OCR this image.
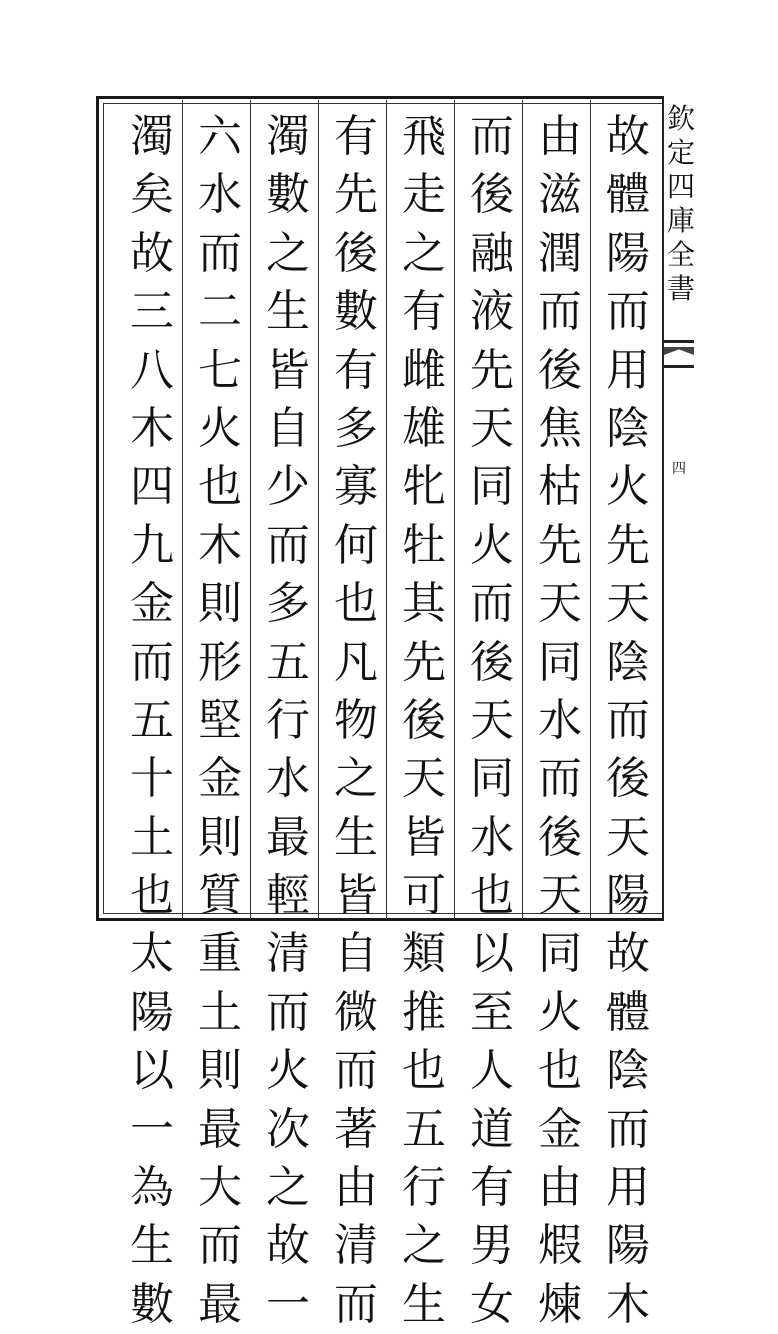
欽
定
四
庫
全
書
四
故
體
陽
而
用
陰
火
先
天
陰
而
後
天
陽
故
體
陰
而
用
陽
木
由
滋
潤
而
後
焦
枯
先
天
同
水
而
後
天
同
火
也
金
由
煆
煉
而
後
融
液
先
天
同
火
而
後
天
同
水
也
以
至
人
道
有
男
女
飛
走
之
有
雌
雄
牝
牡
其
先
後
天
皆
可
類
推
也
五
行
之
生
有
先
後
數
有
多
寡
何
也
凡
物
之
生
皆
自
微
而
著
由
清
而
濁
數
之
生
皆
自
少
而
多
五
行
水
最
輕
清
而
火
次
之
故
一
六
水
而
二
七
火
也
木
則
形
堅
金
則
質
重
土
則
最
大
而
最
濁
矣
故
三
八
木
四
九
金
而
五
十
土
也
太
陽
以
一
為
生
數
